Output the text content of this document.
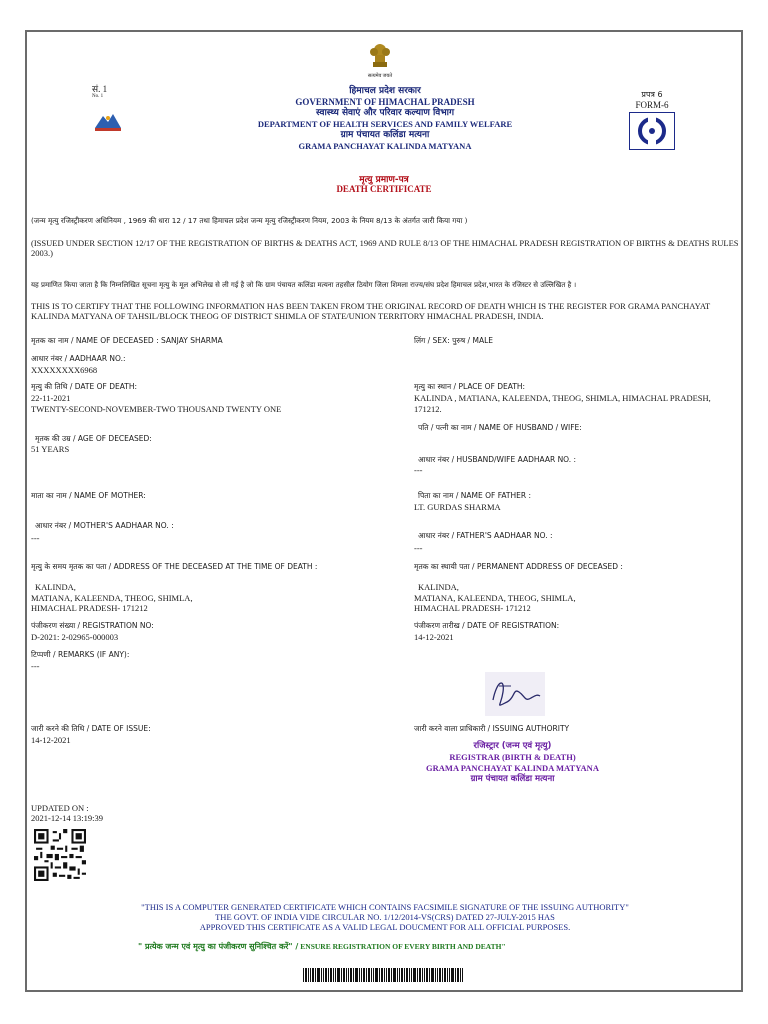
सत्यमेव जयते
सं. 1
No. 1
हिमाचल प्रदेश सरकार
GOVERNMENT OF HIMACHAL PRADESH
स्वास्थ्य सेवाएं और परिवार कल्याण विभाग
DEPARTMENT OF HEALTH SERVICES AND FAMILY WELFARE
ग्राम पंचायत कलिंडा मत्यना
GRAMA PANCHAYAT KALINDA MATYANA
प्रपत्र 6
FORM-6
मृत्यु प्रमाण-पत्र
DEATH CERTIFICATE
(जन्म मृत्यु रजिस्ट्रीकरण अधिनियम , 1969 की धारा 12 / 17 तथा हिमाचल प्रदेश जन्म मृत्यु रजिस्ट्रीकरण नियम, 2003 के नियम 8/13 के अंतर्गत जारी किया गया )
(ISSUED UNDER SECTION 12/17 OF THE REGISTRATION OF BIRTHS & DEATHS ACT, 1969 AND RULE 8/13 OF THE HIMACHAL PRADESH REGISTRATION OF BIRTHS & DEATHS RULES 2003.)
यह प्रमाणित किया जाता है कि निम्नलिखित सूचना मृत्यु के मूल अभिलेख से ली गई है जो कि ग्राम पंचायत कलिंडा मत्यना तहसील ठियोग जिला शिमला राज्य/संघ प्रदेश हिमाचल प्रदेश,भारत के रजिस्टर से उल्लिखित है ।
THIS IS TO CERTIFY THAT THE FOLLOWING INFORMATION HAS BEEN TAKEN FROM THE ORIGINAL RECORD OF DEATH WHICH IS THE REGISTER FOR GRAMA PANCHAYAT KALINDA MATYANA OF TAHSIL/BLOCK THEOG OF DISTRICT SHIMLA OF STATE/UNION TERRITORY HIMACHAL PRADESH, INDIA.
मृतक का नाम / NAME OF DECEASED : SANJAY SHARMA
आधार नंबर / AADHAAR NO.:
XXXXXXXX6968
मृत्यु की तिथि / DATE OF DEATH:
22-11-2021
TWENTY-SECOND-NOVEMBER-TWO THOUSAND TWENTY ONE
मृतक की उम्र / AGE OF DECEASED:
51 YEARS
माता का नाम / NAME OF MOTHER:
आधार नंबर / MOTHER'S AADHAAR NO. :
---
मृत्यु के समय मृतक का पता / ADDRESS OF THE DECEASED AT THE TIME OF DEATH :
KALINDA,
MATIANA, KALEENDA, THEOG, SHIMLA,
HIMACHAL PRADESH- 171212
पंजीकरण संख्या / REGISTRATION NO:
D-2021: 2-02965-000003
टिप्पणी / REMARKS (IF ANY):
---
जारी करने की तिथि / DATE OF ISSUE:
14-12-2021
लिंग / SEX: पुरुष / MALE
मृत्यु का स्थान / PLACE OF DEATH:
KALINDA , MATIANA, KALEENDA, THEOG, SHIMLA, HIMACHAL PRADESH,
171212.
पति / पत्नी का नाम / NAME OF HUSBAND / WIFE:
आधार नंबर / HUSBAND/WIFE AADHAAR NO. :
---
पिता का नाम / NAME OF FATHER :
LT. GURDAS SHARMA
आधार नंबर / FATHER'S AADHAAR NO. :
---
मृतक का स्थायी पता / PERMANENT ADDRESS OF DECEASED :
KALINDA,
MATIANA, KALEENDA, THEOG, SHIMLA,
HIMACHAL PRADESH- 171212
पंजीकरण तारीख / DATE OF REGISTRATION:
14-12-2021
जारी करने वाला प्राधिकारी / ISSUING AUTHORITY
रजिस्ट्रार (जन्म एवं मृत्यु)
REGISTRAR (BIRTH & DEATH)
GRAMA PANCHAYAT KALINDA MATYANA
ग्राम पंचायत कलिंडा मत्यना
UPDATED ON :
2021-12-14 13:19:39
"THIS IS A COMPUTER GENERATED CERTIFICATE WHICH CONTAINS FACSIMILE SIGNATURE OF THE ISSUING AUTHORITY"
THE GOVT. OF INDIA VIDE CIRCULAR NO. 1/12/2014-VS(CRS) DATED 27-JULY-2015 HAS
APPROVED THIS CERTIFICATE AS A VALID LEGAL DOUCMENT FOR ALL OFFICIAL PURPOSES.
" प्रत्येक जन्म एवं मृत्यु का पंजीकरण सुनिश्चित करें" / ENSURE REGISTRATION OF EVERY BIRTH AND DEATH"
